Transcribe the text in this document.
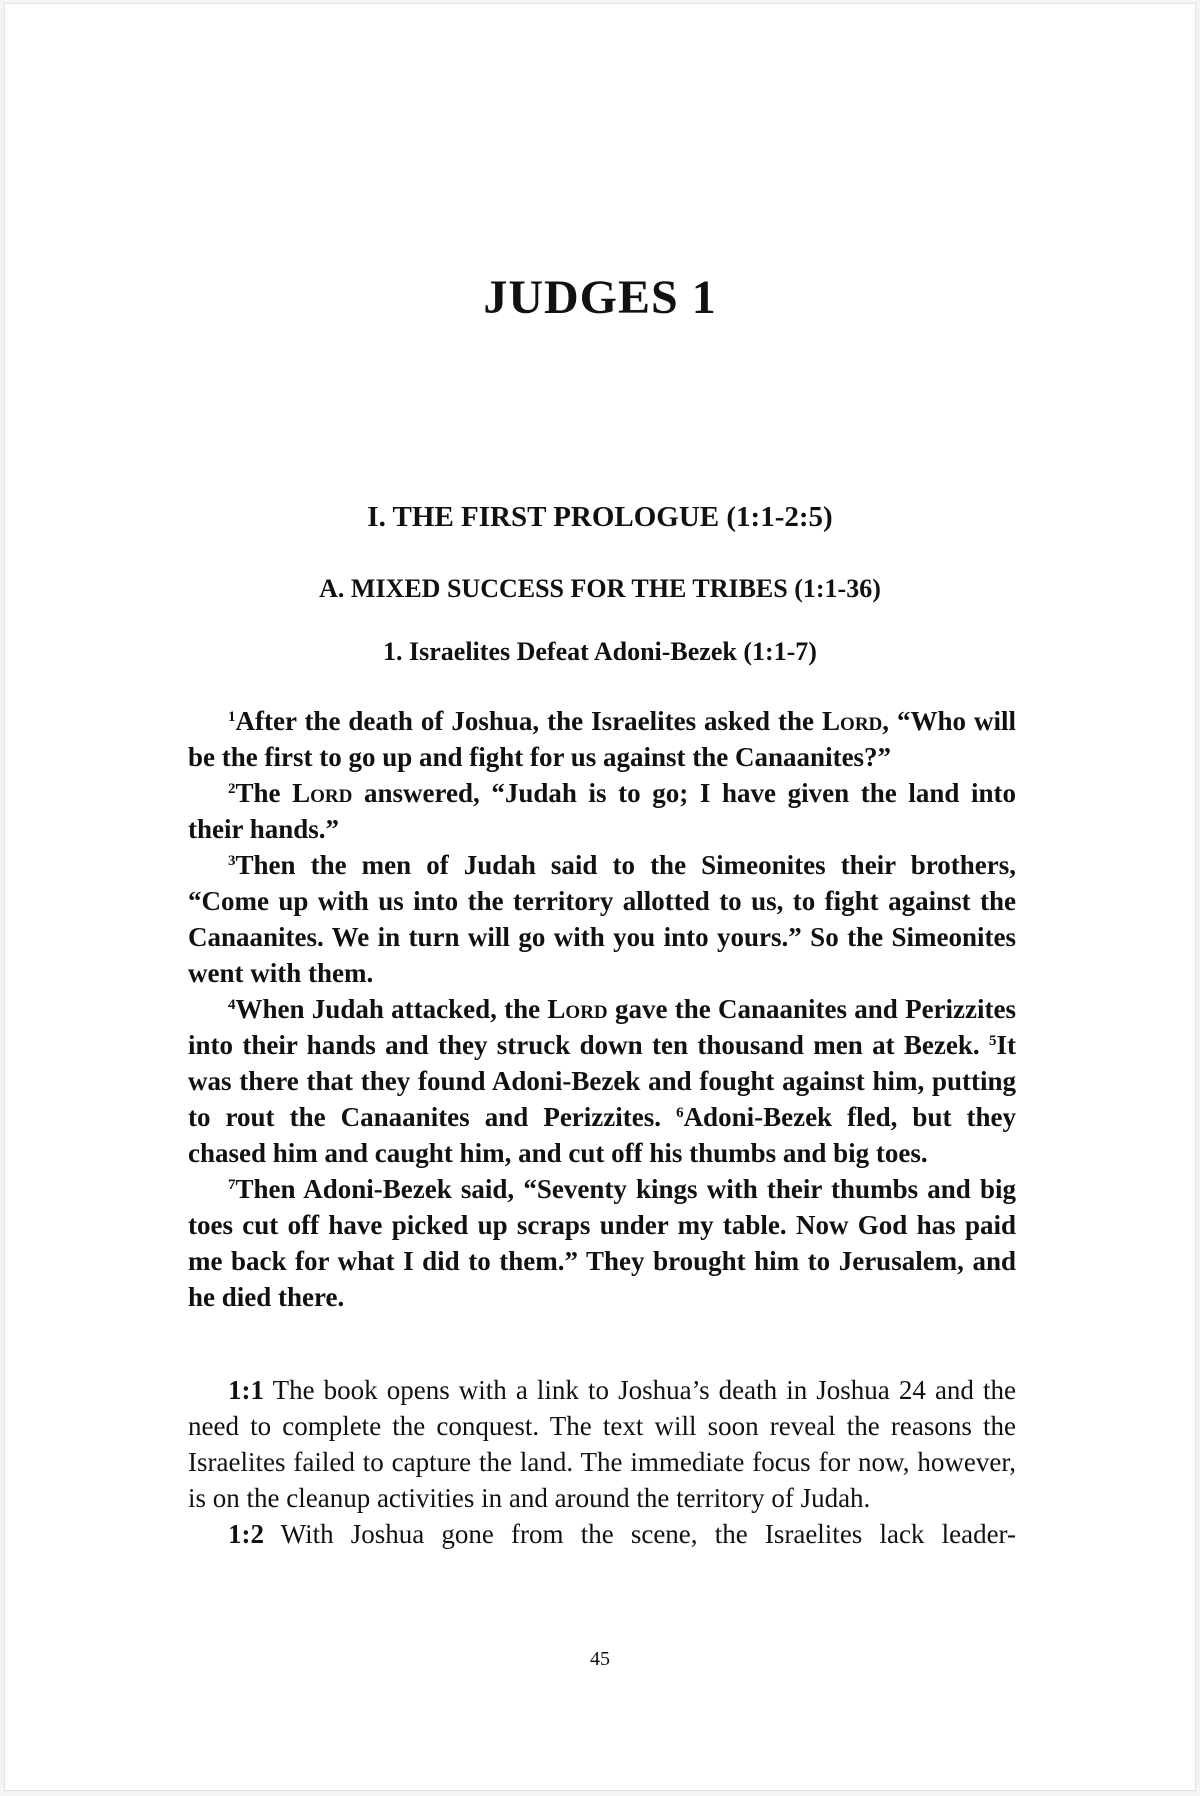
JUDGES 1
I. THE FIRST PROLOGUE (1:1-2:5)
A. MIXED SUCCESS FOR THE TRIBES (1:1-36)
1. Israelites Defeat Adoni-Bezek (1:1-7)

$^1$After the death of Joshua, the Israelites asked the Lord, “Who will be the first to go up and fight for us against the Canaanites?”

$^2$The Lord answered, “Judah is to go; I have given the land into their hands.”

$^3$Then the men of Judah said to the Simeonites their brothers, “Come up with us into the territory allotted to us, to fight against the Canaanites. We in turn will go with you into yours.” So the Simeonites went with them.

$^4$When Judah attacked, the Lord gave the Canaanites and Perizzites into their hands and they struck down ten thousand men at Bezek. $^5$It was there that they found Adoni-Bezek and fought against him, putting to rout the Canaanites and Perizzites. $^6$Adoni-Bezek fled, but they chased him and caught him, and cut off his thumbs and big toes.

$^7$Then Adoni-Bezek said, “Seventy kings with their thumbs and big toes cut off have picked up scraps under my table. Now God has paid me back for what I did to them.” They brought him to Jerusalem, and he died there.

1:1 The book opens with a link to Joshua’s death in Joshua 24 and the need to complete the conquest. The text will soon reveal the reasons the Israelites failed to capture the land. The immediate focus for now, however, is on the cleanup activities in and around the territory of Judah.

1:2 With Joshua gone from the scene, the Israelites lack leader-

45
